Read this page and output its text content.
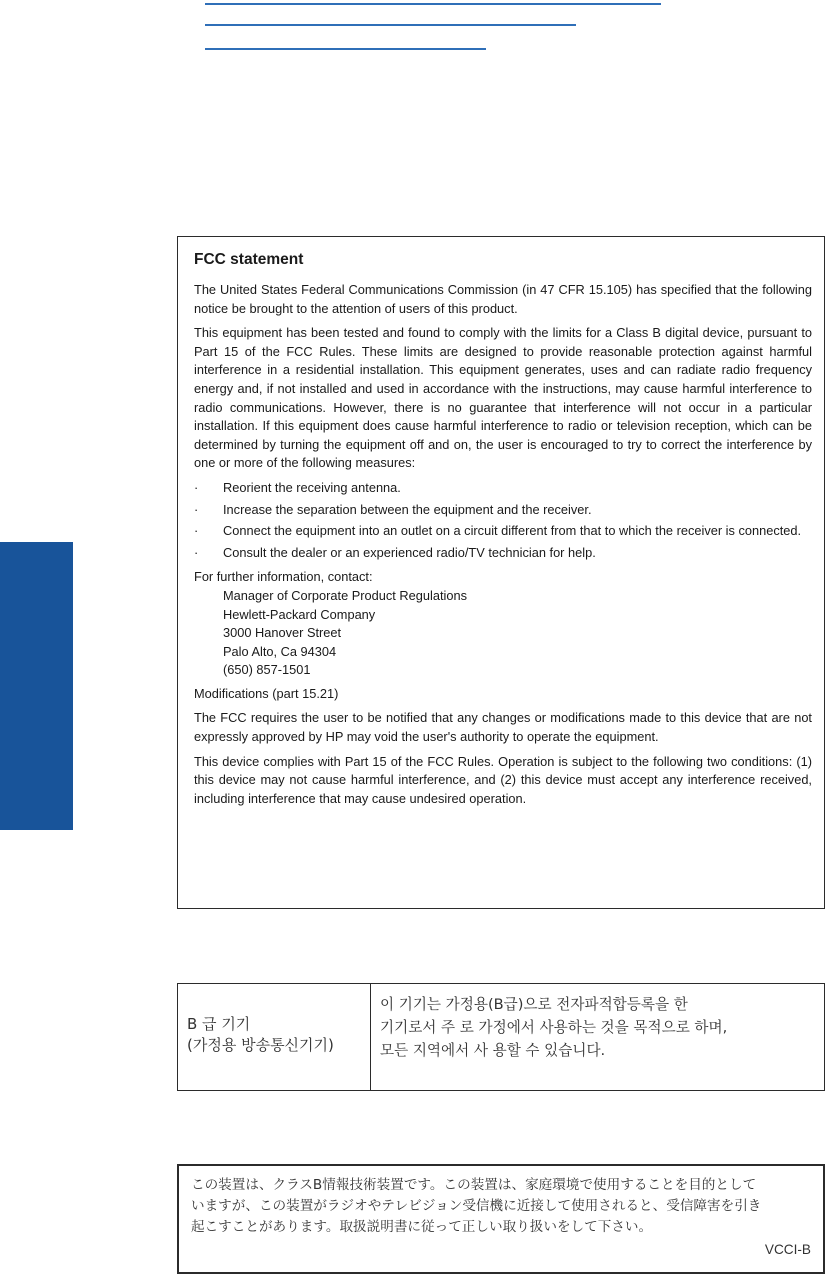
FCC statement

The United States Federal Communications Commission (in 47 CFR 15.105) has specified that the following notice be brought to the attention of users of this product.

This equipment has been tested and found to comply with the limits for a Class B digital device, pursuant to Part 15 of the FCC Rules. These limits are designed to provide reasonable protection against harmful interference in a residential installation. This equipment generates, uses and can radiate radio frequency energy and, if not installed and used in accordance with the instructions, may cause harmful interference to radio communications. However, there is no guarantee that interference will not occur in a particular installation. If this equipment does cause harmful interference to radio or television reception, which can be determined by turning the equipment off and on, the user is encouraged to try to correct the interference by one or more of the following measures:

· Reorient the receiving antenna.
· Increase the separation between the equipment and the receiver.
· Connect the equipment into an outlet on a circuit different from that to which the receiver is connected.
· Consult the dealer or an experienced radio/TV technician for help.

For further information, contact:

Manager of Corporate Product Regulations
Hewlett-Packard Company
3000 Hanover Street
Palo Alto, Ca 94304
(650) 857-1501

Modifications (part 15.21)

The FCC requires the user to be notified that any changes or modifications made to this device that are not expressly approved by HP may void the user's authority to operate the equipment.

This device complies with Part 15 of the FCC Rules. Operation is subject to the following two conditions: (1) this device may not cause harmful interference, and (2) this device must accept any interference received, including interference that may cause undesired operation.

B 급 기기
(가정용 방송통신기기)
이 기기는 가정용(B급)으로 전자파적합등록을 한
기기로서 주 로 가정에서 사용하는 것을 목적으로 하며,
모든 지역에서 사 용할 수 있습니다.
この装置は、クラスB情報技術装置です。この装置は、家庭環境で使用することを目的として
いますが、この装置がラジオやテレビジョン受信機に近接して使用されると、受信障害を引き
起こすことがあります。取扱説明書に従って正しい取り扱いをして下さい。
VCCI-B
